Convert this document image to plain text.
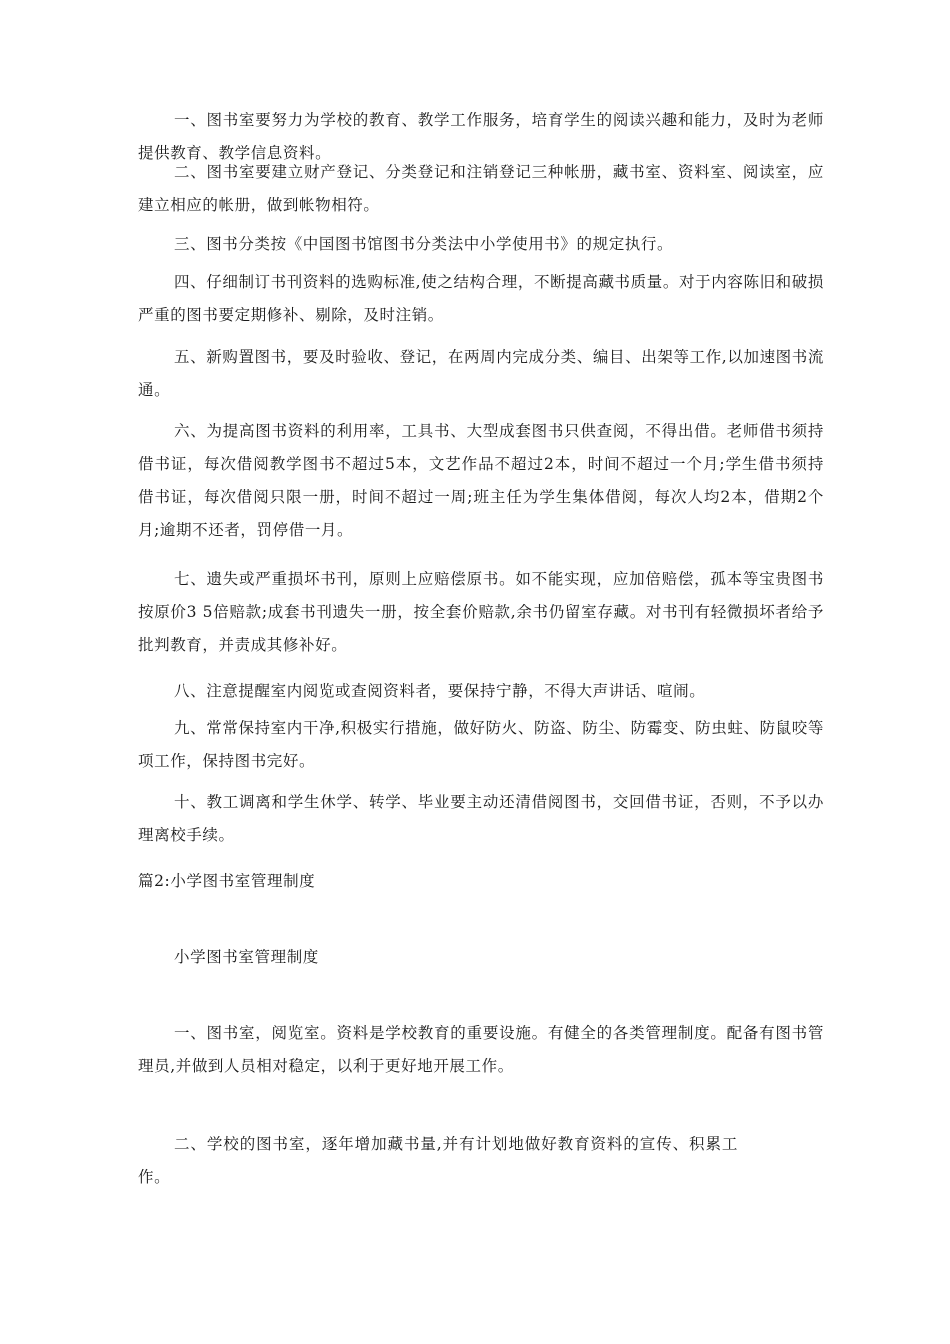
一、图书室要努力为学校的教育、教学工作服务，培育学生的阅读兴趣和能力，及时为老师提供教育、教学信息资料。

二、图书室要建立财产登记、分类登记和注销登记三种帐册，藏书室、资料室、阅读室，应建立相应的帐册，做到帐物相符。

三、图书分类按《中国图书馆图书分类法中小学使用书》的规定执行。

四、仔细制订书刊资料的选购标准,使之结构合理，不断提高藏书质量。对于内容陈旧和破损严重的图书要定期修补、剔除，及时注销。

五、新购置图书，要及时验收、登记，在两周内完成分类、编目、出架等工作,以加速图书流通。

六、为提高图书资料的利用率，工具书、大型成套图书只供查阅，不得出借。老师借书须持借书证，每次借阅教学图书不超过5本，文艺作品不超过2本，时间不超过一个月;学生借书须持借书证，每次借阅只限一册，时间不超过一周;班主任为学生集体借阅，每次人均2本，借期2个月;逾期不还者，罚停借一月。

七、遗失或严重损坏书刊，原则上应赔偿原书。如不能实现，应加倍赔偿，孤本等宝贵图书按原价3 5倍赔款;成套书刊遗失一册，按全套价赔款,余书仍留室存藏。对书刊有轻微损坏者给予批判教育，并责成其修补好。

八、注意提醒室内阅览或查阅资料者，要保持宁静，不得大声讲话、喧闹。

九、常常保持室内干净,积极实行措施，做好防火、防盗、防尘、防霉变、防虫蛀、防鼠咬等项工作，保持图书完好。

十、教工调离和学生休学、转学、毕业要主动还清借阅图书，交回借书证，否则，不予以办理离校手续。

篇2:小学图书室管理制度

小学图书室管理制度

一、图书室，阅览室。资料是学校教育的重要设施。有健全的各类管理制度。配备有图书管理员,并做到人员相对稳定，以利于更好地开展工作。

二、学校的图书室，逐年增加藏书量,并有计划地做好教育资料的宣传、积累工作。
